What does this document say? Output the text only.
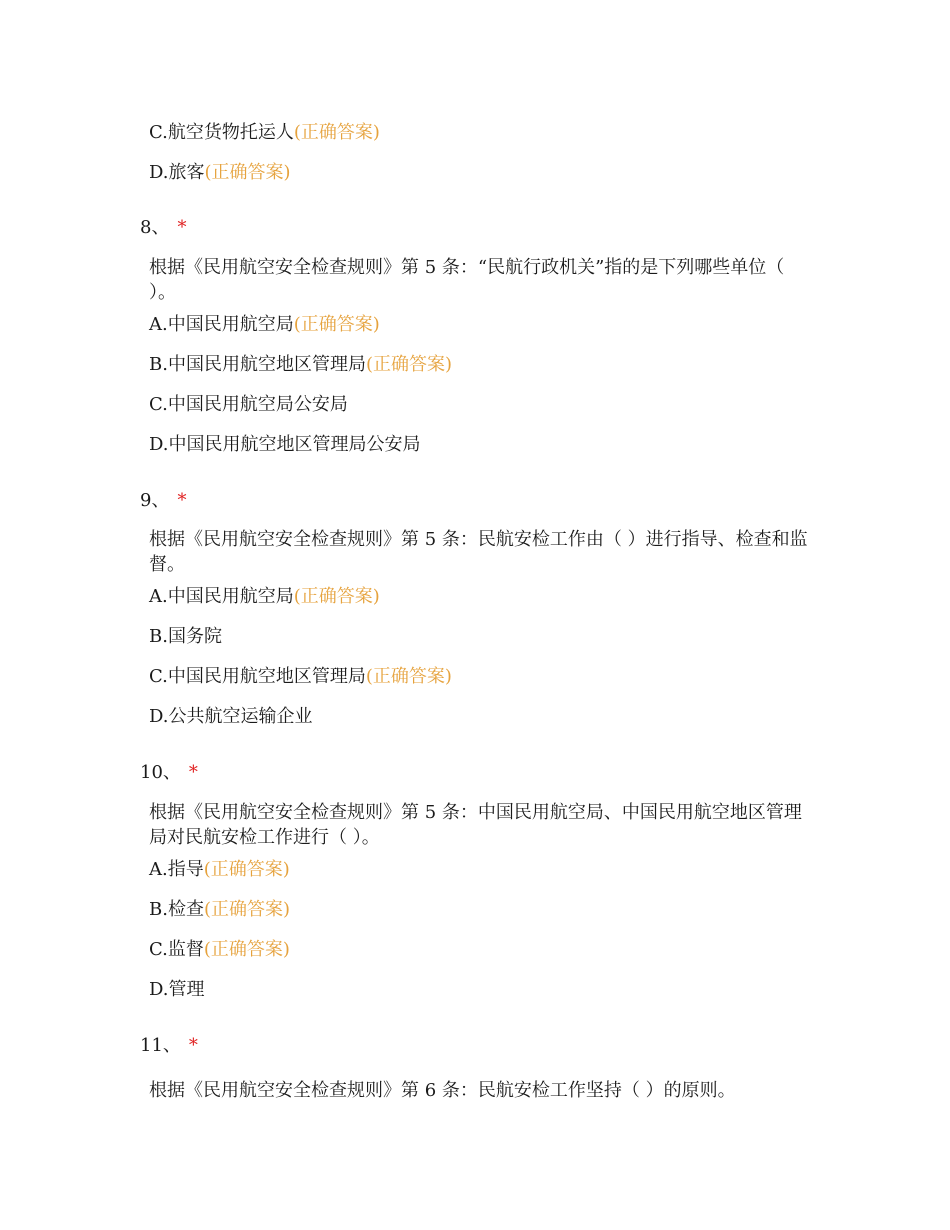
C.航空货物托运人(正确答案)
D.旅客(正确答案)
8、 *
根据《民用航空安全检查规则》第 5 条：“民航行政机关”指的是下列哪些单位（ ）。
A.中国民用航空局(正确答案)
B.中国民用航空地区管理局(正确答案)
C.中国民用航空局公安局
D.中国民用航空地区管理局公安局
9、 *
根据《民用航空安全检查规则》第 5 条：民航安检工作由（ ）进行指导、检查和监督。
A.中国民用航空局(正确答案)
B.国务院
C.中国民用航空地区管理局(正确答案)
D.公共航空运输企业
10、 *
根据《民用航空安全检查规则》第 5 条：中国民用航空局、中国民用航空地区管理局对民航安检工作进行（ ）。
A.指导(正确答案)
B.检查(正确答案)
C.监督(正确答案)
D.管理
11、 *
根据《民用航空安全检查规则》第 6 条：民航安检工作坚持（ ）的原则。
